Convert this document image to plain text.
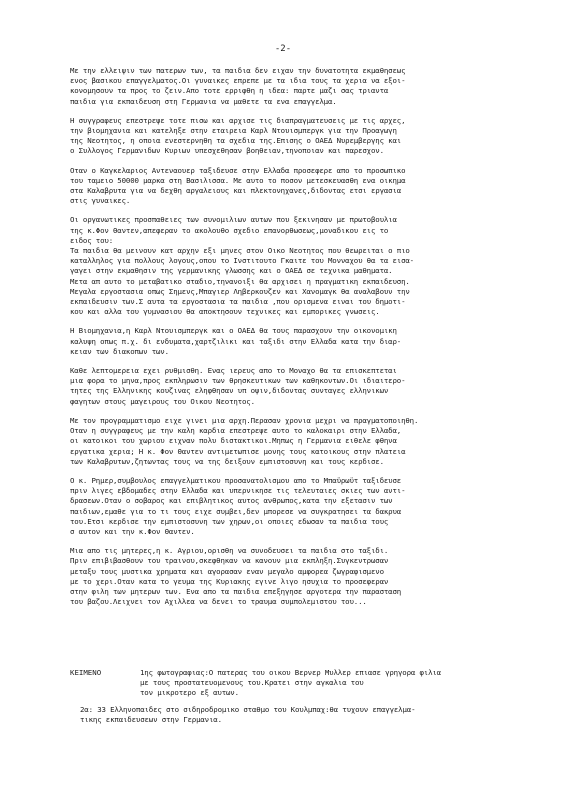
-2-
Με την ελλειψιν των πατερων των, τα παιδια δεν ειχαν την δυνατοτητα εκμαθησεως
ενος βασικου επαγγελματος.Οι γυναικες επρεπε με τα ιδια τους τα χερια να εξοι-
κονομησουν τα προς το ζειν.Απο τοτε ερριφθη η ιδεα: παρτε μαζι σας τριαντα
παιδια για εκπαιδευση στη Γερμανια να μαθετε τα ενα επαγγελμα.
Η συγγραφευς επεστρεψε τοτε πισω και αρχισε τις διαπραγματευσεις με τις αρχες,
την βιομηχανια και κατεληξε στην εταιρεια Καρλ Ντουισμπεργκ για την Προαγωγη
της Νεοτητος, η οποια ενεστερνηθη τα σχεδια της.Επισης ο ΟΑΕΔ Νυρεμβεργης και
ο Συλλογος Γερμανιδων Κυριων υπεσχεθησαν βοηθειαν,τηνοποιαν και παρεσχον.
Οταν ο Καγκελαριος Αντεναουερ ταξιδευσε στην Ελλαδα προσεφερε απο το προσωπικο
του ταμειο 50000 μαρκα στη Βασιλισσα. Με αυτο το ποσον μετεσκευασθη ενα οικημα
στα Καλαβρυτα για να δεχθη αργαλειους και πλεκτονηχανες,διδοντας ετσι εργασια
στις γυναικες.
Οι οργανωτικες προσπαθειες των συνομιλιων αυτων που ξεκινησαν με πρωτοβουλια
της κ.Φον Θαντεν,απεφεραν το ακολουθο σχεδιο επανορθωσεως,μοναδικου εις το
ειδος του:
Τα παιδια θα μεινουν κατ αρχην εξι μηνες στον Οικο Νεοτητος που θεωρειται ο πιο
καταλληλος για πολλους λογους,οπου το Ινστιτουτο Γκαιτε του Μονναχου θα τα εισα-
γαγει στην εκμαθησιν της γερμανικης γλωσσης και ο ΟΑΕΔ σε τεχνικα μαθηματα.
Μετα απ αυτο το μεταβατικο σταδιο,τηνανοιξι θα αρχισει η πραγματικη εκπαιδευση.
Μεγαλα εργοστασια οπως Σημενς,Μπαγιερ Ληβερκουζεν και Χανομαγκ θα αναλαβουν την
εκπαιδευσιν των.Σ αυτα τα εργοστασια τα παιδια ,που ορισμενα ειναι του δημοτι-
κου και αλλα του γυμνασιου θα αποκτησουν τεχνικες και εμπορικες γνωσεις.
Η Βιομηχανια,η Καρλ Ντουισμπεργκ και ο ΟΑΕΔ θα τους παρασχουν την οικονομικη
καλυψη οπως π.χ. δι ενδυματα,χαρτζιλικι και ταξιδι στην Ελλαδα κατα την διαρ-
κειαν των διακοπων των.
Καθε λεπτομερεια εχει ρυθμισθη. Ενας ιερευς απο το Μοναχο θα τα επισκεπτεται
μια φορα το μηνα,προς εκπληρωσιν των θρησκευτικων των καθηκοντων.Οι ιδιαιτερο-
τητες της Ελληνικης κουζινας εληφθησαν υπ οψιν,διδοντας συνταγες ελληνικων
φαγητων στους μαγειρους του Οικου Νεοτητος.
Με τον προγραμματισμο ειχε γινει μια αρχη.Περασαν χρονια μεχρι να πραγματοποιηθη.
Οταν η συγγραφευς με την καλη καρδια επεστρεψε αυτο το καλοκαιρι στην Ελλαδα,
οι κατοικοι του χωριου ειχναν πολυ διστακτικοι.Μηπως η Γερμανια ειθελε φθηνα
εργατικα χερια; Η κ. Φον Θαντεν αντιμετωπισε μονης τους κατοικους στην πλατεια
των Καλαβρυτων,ζητωντας τους να της δειξουν εμπιστοσυνη και τους κερδισε.
Ο κ. Ρημερ,συμβουλος επαγγελματικου προσανατολισμου απο το Μπαϋρωϋτ ταξιδευσε
πριν λιγες εβδομαδες στην Ελλαδα και υπερνικησε τις τελευταιες σκιες των αντι-
δρασεων.Οταν ο σοβαρος και επιβλητικος αυτος ανθρωπος,κατα την εξετασιν των
παιδιων,εμαθε για το τι τους ειχε συμβει,δεν μπορεσε να συγκρατησει τα δακρυα
του.Ετσι κερδισε την εμπιστοσυνη των χηρων,οι οποιες εδωσαν τα παιδια τους
σ αυτον και την κ.Φον Θαντεν.
Μια απο τις μητερες,η κ. Αγριου,ορισθη να συνοδευσει τα παιδια στο ταξιδι.
Πριν επιβιβασθουν του τραινου,σκεφθηκαν να κανουν μια εκπληξη.Συγκεντρωσαν
μεταξυ τους μυστικα χρηματα και αγορασαν εναν μεγαλο αμφορεα ζωγραφισμενο
με το χερι.Οταν κατα το γευμα της Κυριακης εγινε λιγο ησυχια το προσεφεραν
στην φιλη των μητερων των. Ενα απο τα παιδια επεξηγησε αργοτερα την παρασταση
του βαζου.Λειχνει τον Αχιλλεα να δενει το τραυμα συμπολεμιστου του...
ΚΕΙΜΕΝΟ	1ης φωτογραφιας:Ο πατερας του οικου Βερνερ Μυλλερ επιασε γρηγορα φιλια
με τους προστατευομενους του.Κρατει στην αγκαλια του
τον μικροτερο εξ αυτων.
2α: 33 Ελληνοπαιδες στο σιδηροδρομικο σταθμο του Κουλμπαχ:θα τυχουν επαγγελμα-
τικης εκπαιδευσεων στην Γερμανια.
